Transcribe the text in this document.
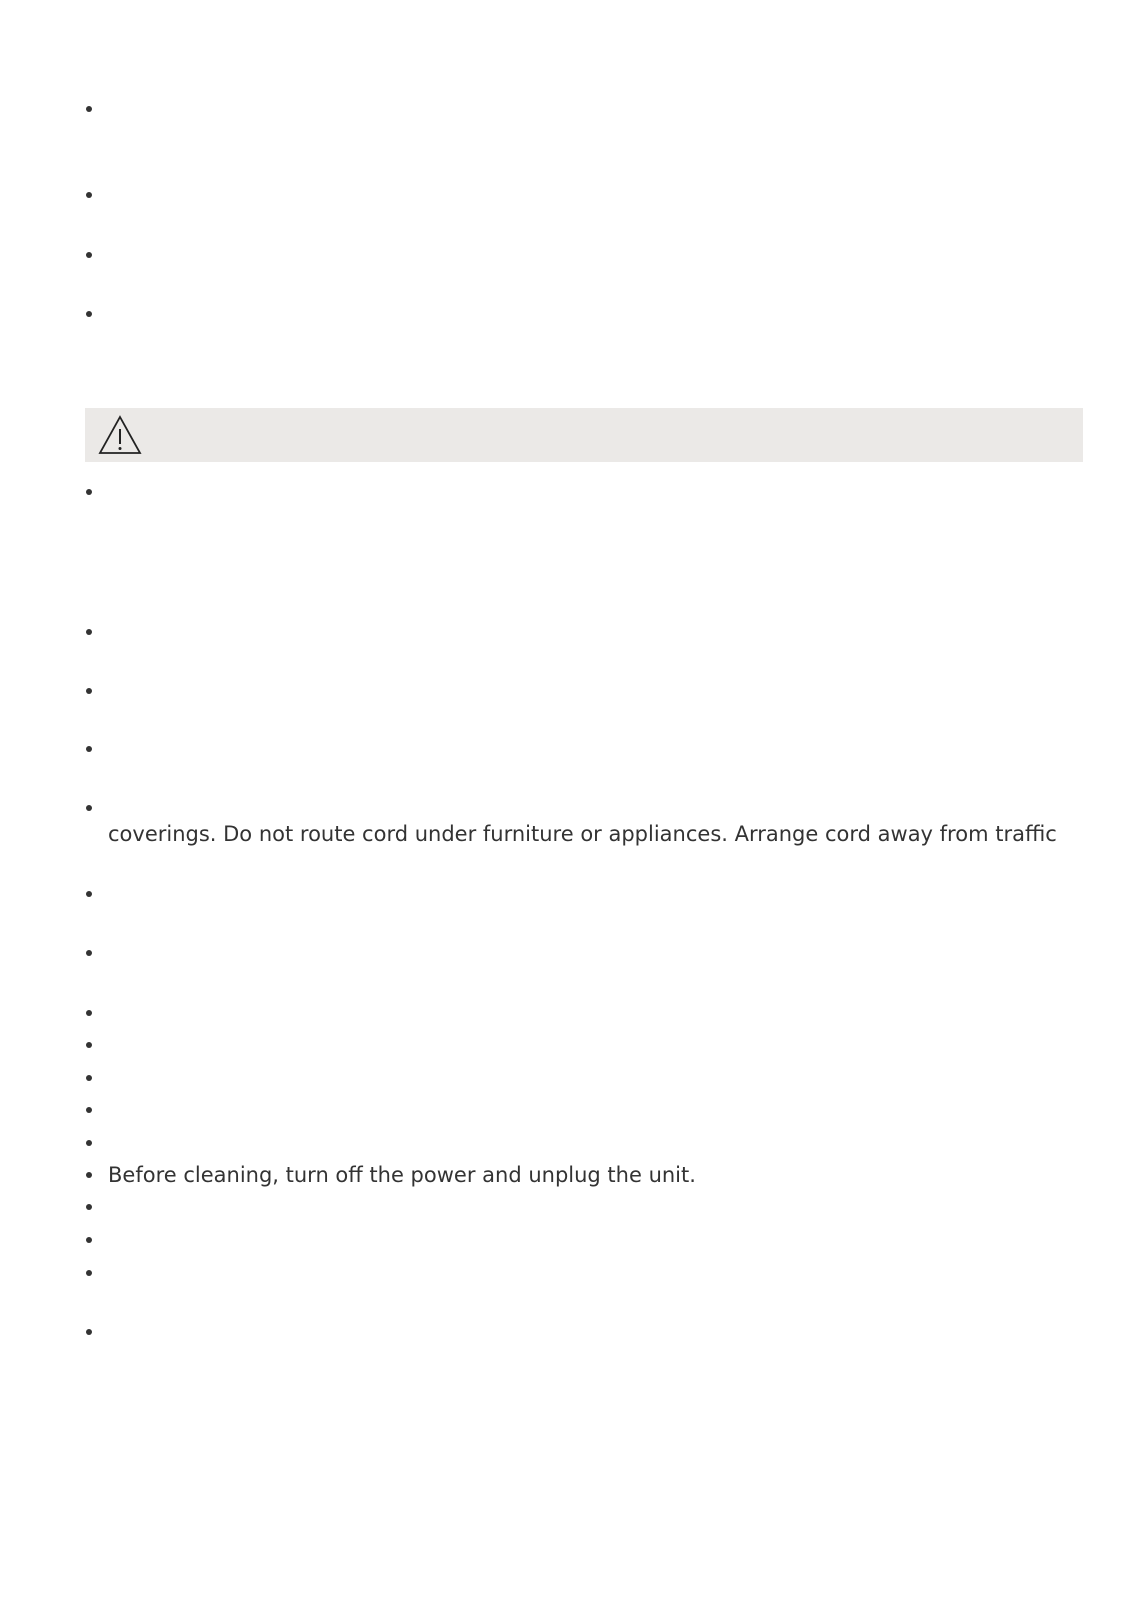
coverings. Do not route cord under furniture or appliances. Arrange cord away from traffic
Before cleaning, turn off the power and unplug the unit.
